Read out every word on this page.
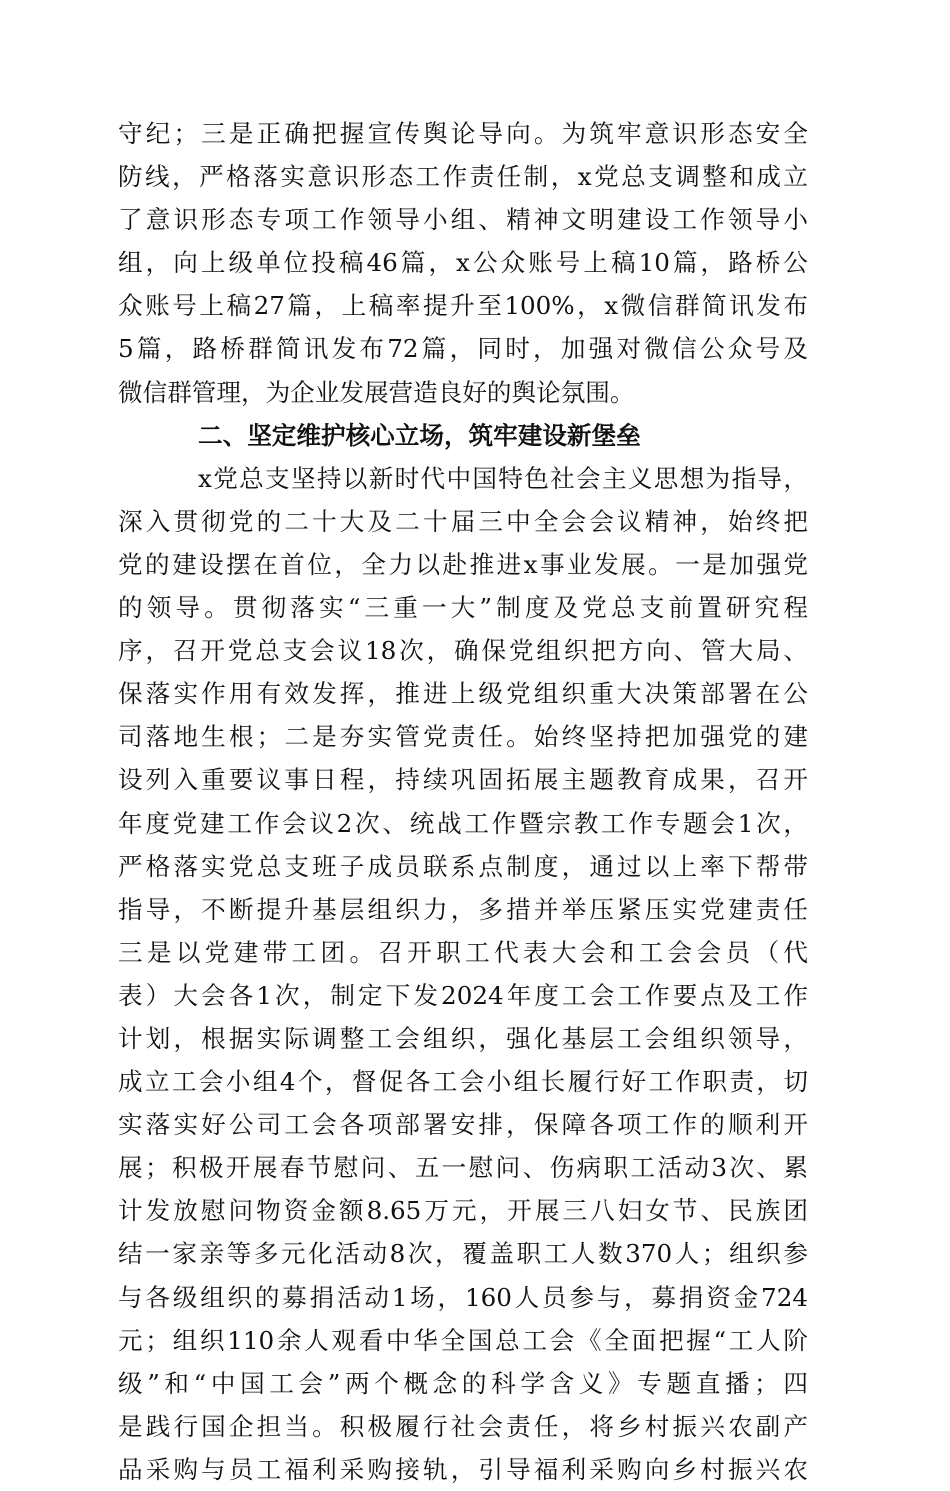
守纪；三是正确把握宣传舆论导向。为筑牢意识形态安全
防线，严格落实意识形态工作责任制，x党总支调整和成立
了意识形态专项工作领导小组、精神文明建设工作领导小
组，向上级单位投稿46篇，x公众账号上稿10篇，路桥公
众账号上稿27篇，上稿率提升至100%，x微信群简讯发布
5篇，路桥群简讯发布72篇，同时，加强对微信公众号及
微信群管理，为企业发展营造良好的舆论氛围。
二、坚定维护核心立场，筑牢建设新堡垒
x党总支坚持以新时代中国特色社会主义思想为指导，
深入贯彻党的二十大及二十届三中全会会议精神，始终把
党的建设摆在首位，全力以赴推进x事业发展。一是加强党
的领导。贯彻落实“三重一大”制度及党总支前置研究程
序，召开党总支会议18次，确保党组织把方向、管大局、
保落实作用有效发挥，推进上级党组织重大决策部署在公
司落地生根；二是夯实管党责任。始终坚持把加强党的建
设列入重要议事日程，持续巩固拓展主题教育成果，召开
年度党建工作会议2次、统战工作暨宗教工作专题会1次，
严格落实党总支班子成员联系点制度，通过以上率下帮带
指导，不断提升基层组织力，多措并举压紧压实党建责任
三是以党建带工团。召开职工代表大会和工会会员（代
表）大会各1次，制定下发2024年度工会工作要点及工作
计划，根据实际调整工会组织，强化基层工会组织领导，
成立工会小组4个，督促各工会小组长履行好工作职责，切
实落实好公司工会各项部署安排，保障各项工作的顺利开
展；积极开展春节慰问、五一慰问、伤病职工活动3次、累
计发放慰问物资金额8.65万元，开展三八妇女节、民族团
结一家亲等多元化活动8次，覆盖职工人数370人；组织参
与各级组织的募捐活动1场，160人员参与，募捐资金724
元；组织110余人观看中华全国总工会《全面把握“工人阶
级”和“中国工会”两个概念的科学含义》专题直播；四
是践行国企担当。积极履行社会责任，将乡村振兴农副产
品采购与员工福利采购接轨，引导福利采购向乡村振兴农
